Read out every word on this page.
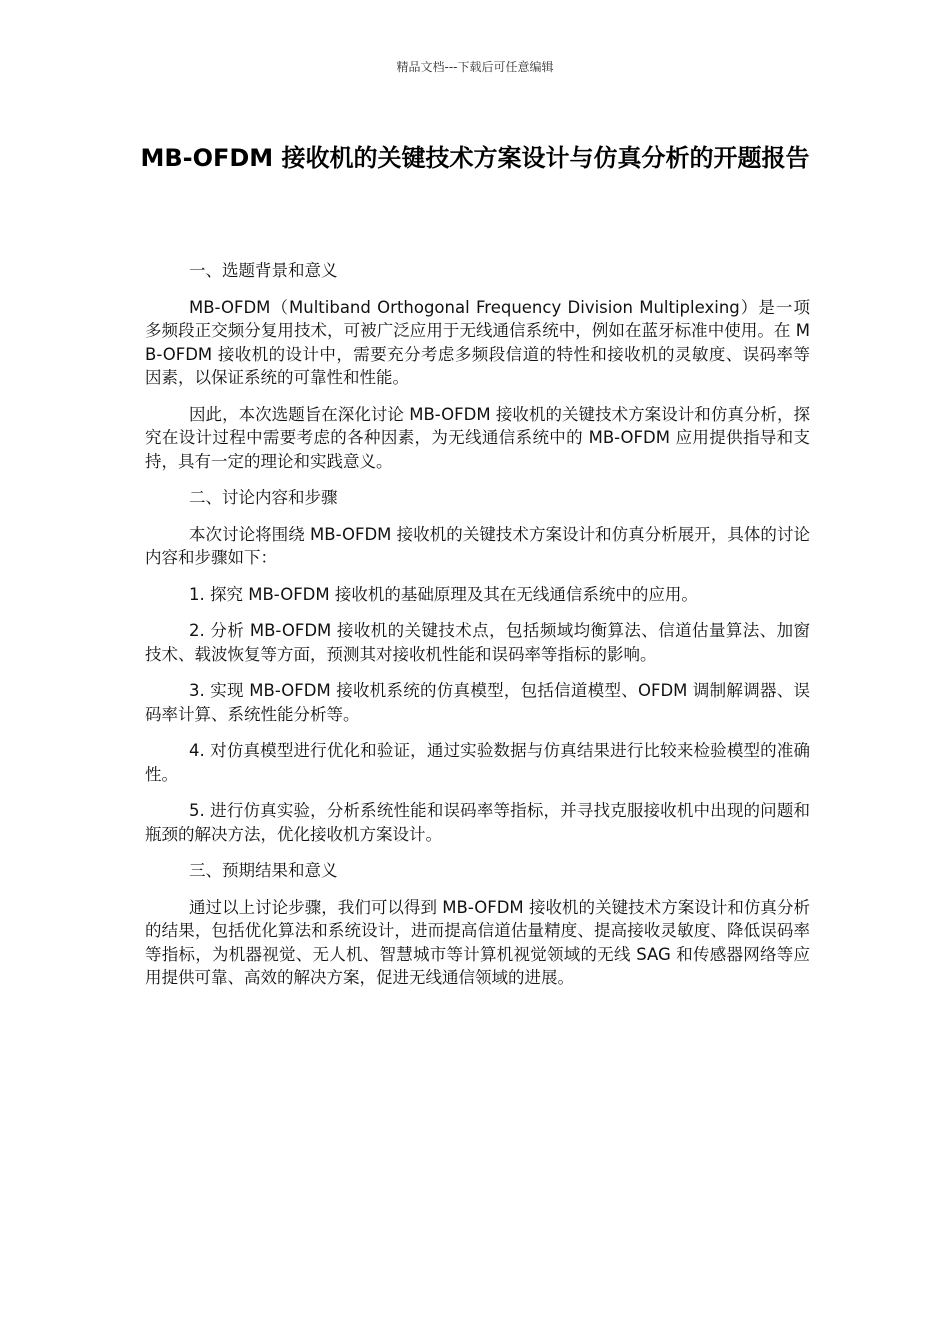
精品文档---下载后可任意编辑
MB-OFDM 接收机的关键技术方案设计与仿真分析的开题报告
一、选题背景和意义

MB-OFDM（Multiband Orthogonal Frequency Division Multiplexing）是一项多频段正交频分复用技术，可被广泛应用于无线通信系统中，例如在蓝牙标准中使用。在 MB-OFDM 接收机的设计中，需要充分考虑多频段信道的特性和接收机的灵敏度、误码率等因素，以保证系统的可靠性和性能。

因此，本次选题旨在深化讨论 MB-OFDM 接收机的关键技术方案设计和仿真分析，探究在设计过程中需要考虑的各种因素，为无线通信系统中的 MB-OFDM 应用提供指导和支持，具有一定的理论和实践意义。

二、讨论内容和步骤

本次讨论将围绕 MB-OFDM 接收机的关键技术方案设计和仿真分析展开，具体的讨论内容和步骤如下：

1. 探究 MB-OFDM 接收机的基础原理及其在无线通信系统中的应用。

2. 分析 MB-OFDM 接收机的关键技术点，包括频域均衡算法、信道估量算法、加窗技术、载波恢复等方面，预测其对接收机性能和误码率等指标的影响。

3. 实现 MB-OFDM 接收机系统的仿真模型，包括信道模型、OFDM 调制解调器、误码率计算、系统性能分析等。

4. 对仿真模型进行优化和验证，通过实验数据与仿真结果进行比较来检验模型的准确性。

5. 进行仿真实验，分析系统性能和误码率等指标，并寻找克服接收机中出现的问题和瓶颈的解决方法，优化接收机方案设计。

三、预期结果和意义

通过以上讨论步骤，我们可以得到 MB-OFDM 接收机的关键技术方案设计和仿真分析的结果，包括优化算法和系统设计，进而提高信道估量精度、提高接收灵敏度、降低误码率等指标，为机器视觉、无人机、智慧城市等计算机视觉领域的无线 SAG 和传感器网络等应用提供可靠、高效的解决方案，促进无线通信领域的进展。
